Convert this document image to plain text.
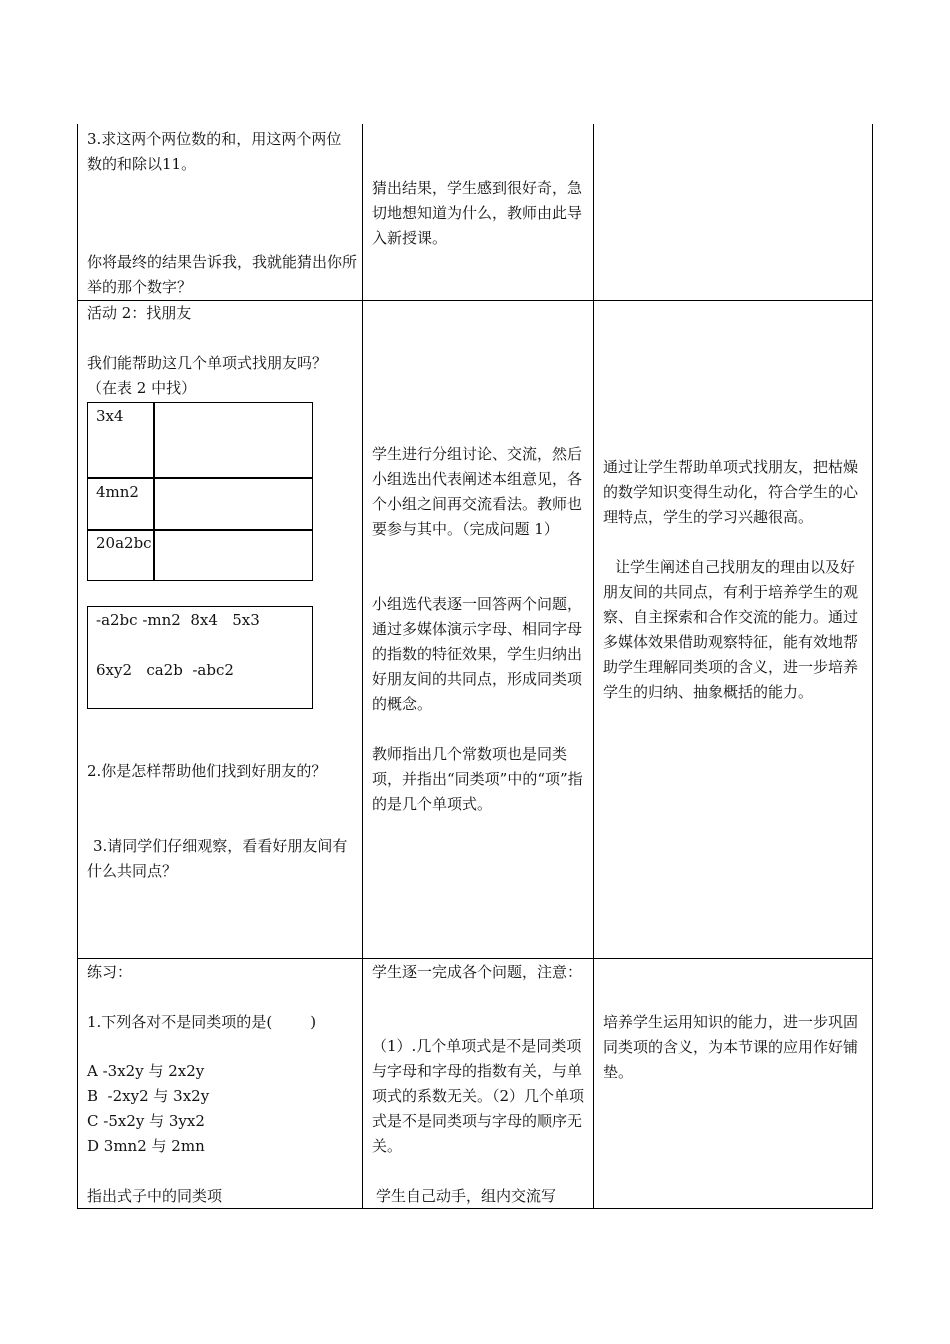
3.求这两个两位数的和，用这两个两位数的和除以11。
你将最终的结果告诉我，我就能猜出你所举的那个数字？
猜出结果，学生感到很好奇，急切地想知道为什么，教师由此导入新授课。
活动 2：找朋友
我们能帮助这几个单项式找朋友吗？（在表 2 中找）
3x4
4mn2
20a2bc
-a2bc -mn2  8x4   5x3
6xy2   ca2b  -abc2
2.你是怎样帮助他们找到好朋友的？
3.请同学们仔细观察，看看好朋友间有什么共同点？
学生进行分组讨论、交流，然后小组选出代表阐述本组意见，各个小组之间再交流看法。教师也要参与其中。（完成问题 1）
小组选代表逐一回答两个问题，通过多媒体演示字母、相同字母的指数的特征效果，学生归纳出好朋友间的共同点，形成同类项的概念。
教师指出几个常数项也是同类项，并指出“同类项”中的“项”指的是几个单项式。
通过让学生帮助单项式找朋友，把枯燥的数学知识变得生动化，符合学生的心理特点，学生的学习兴趣很高。
让学生阐述自己找朋友的理由以及好朋友间的共同点，有利于培养学生的观察、自主探索和合作交流的能力。通过多媒体效果借助观察特征，能有效地帮助学生理解同类项的含义，进一步培养学生的归纳、抽象概括的能力。
练习：
1.下列各对不是同类项的是(        )
A -3x2y 与 2x2y
B  -2xy2 与 3x2y
C -5x2y 与 3yx2
D 3mn2 与 2mn
指出式子中的同类项
学生逐一完成各个问题，注意：
（1）.几个单项式是不是同类项与字母和字母的指数有关，与单项式的系数无关。（2）几个单项式是不是同类项与字母的顺序无关。
学生自己动手，组内交流写
培养学生运用知识的能力，进一步巩固同类项的含义，为本节课的应用作好铺垫。
